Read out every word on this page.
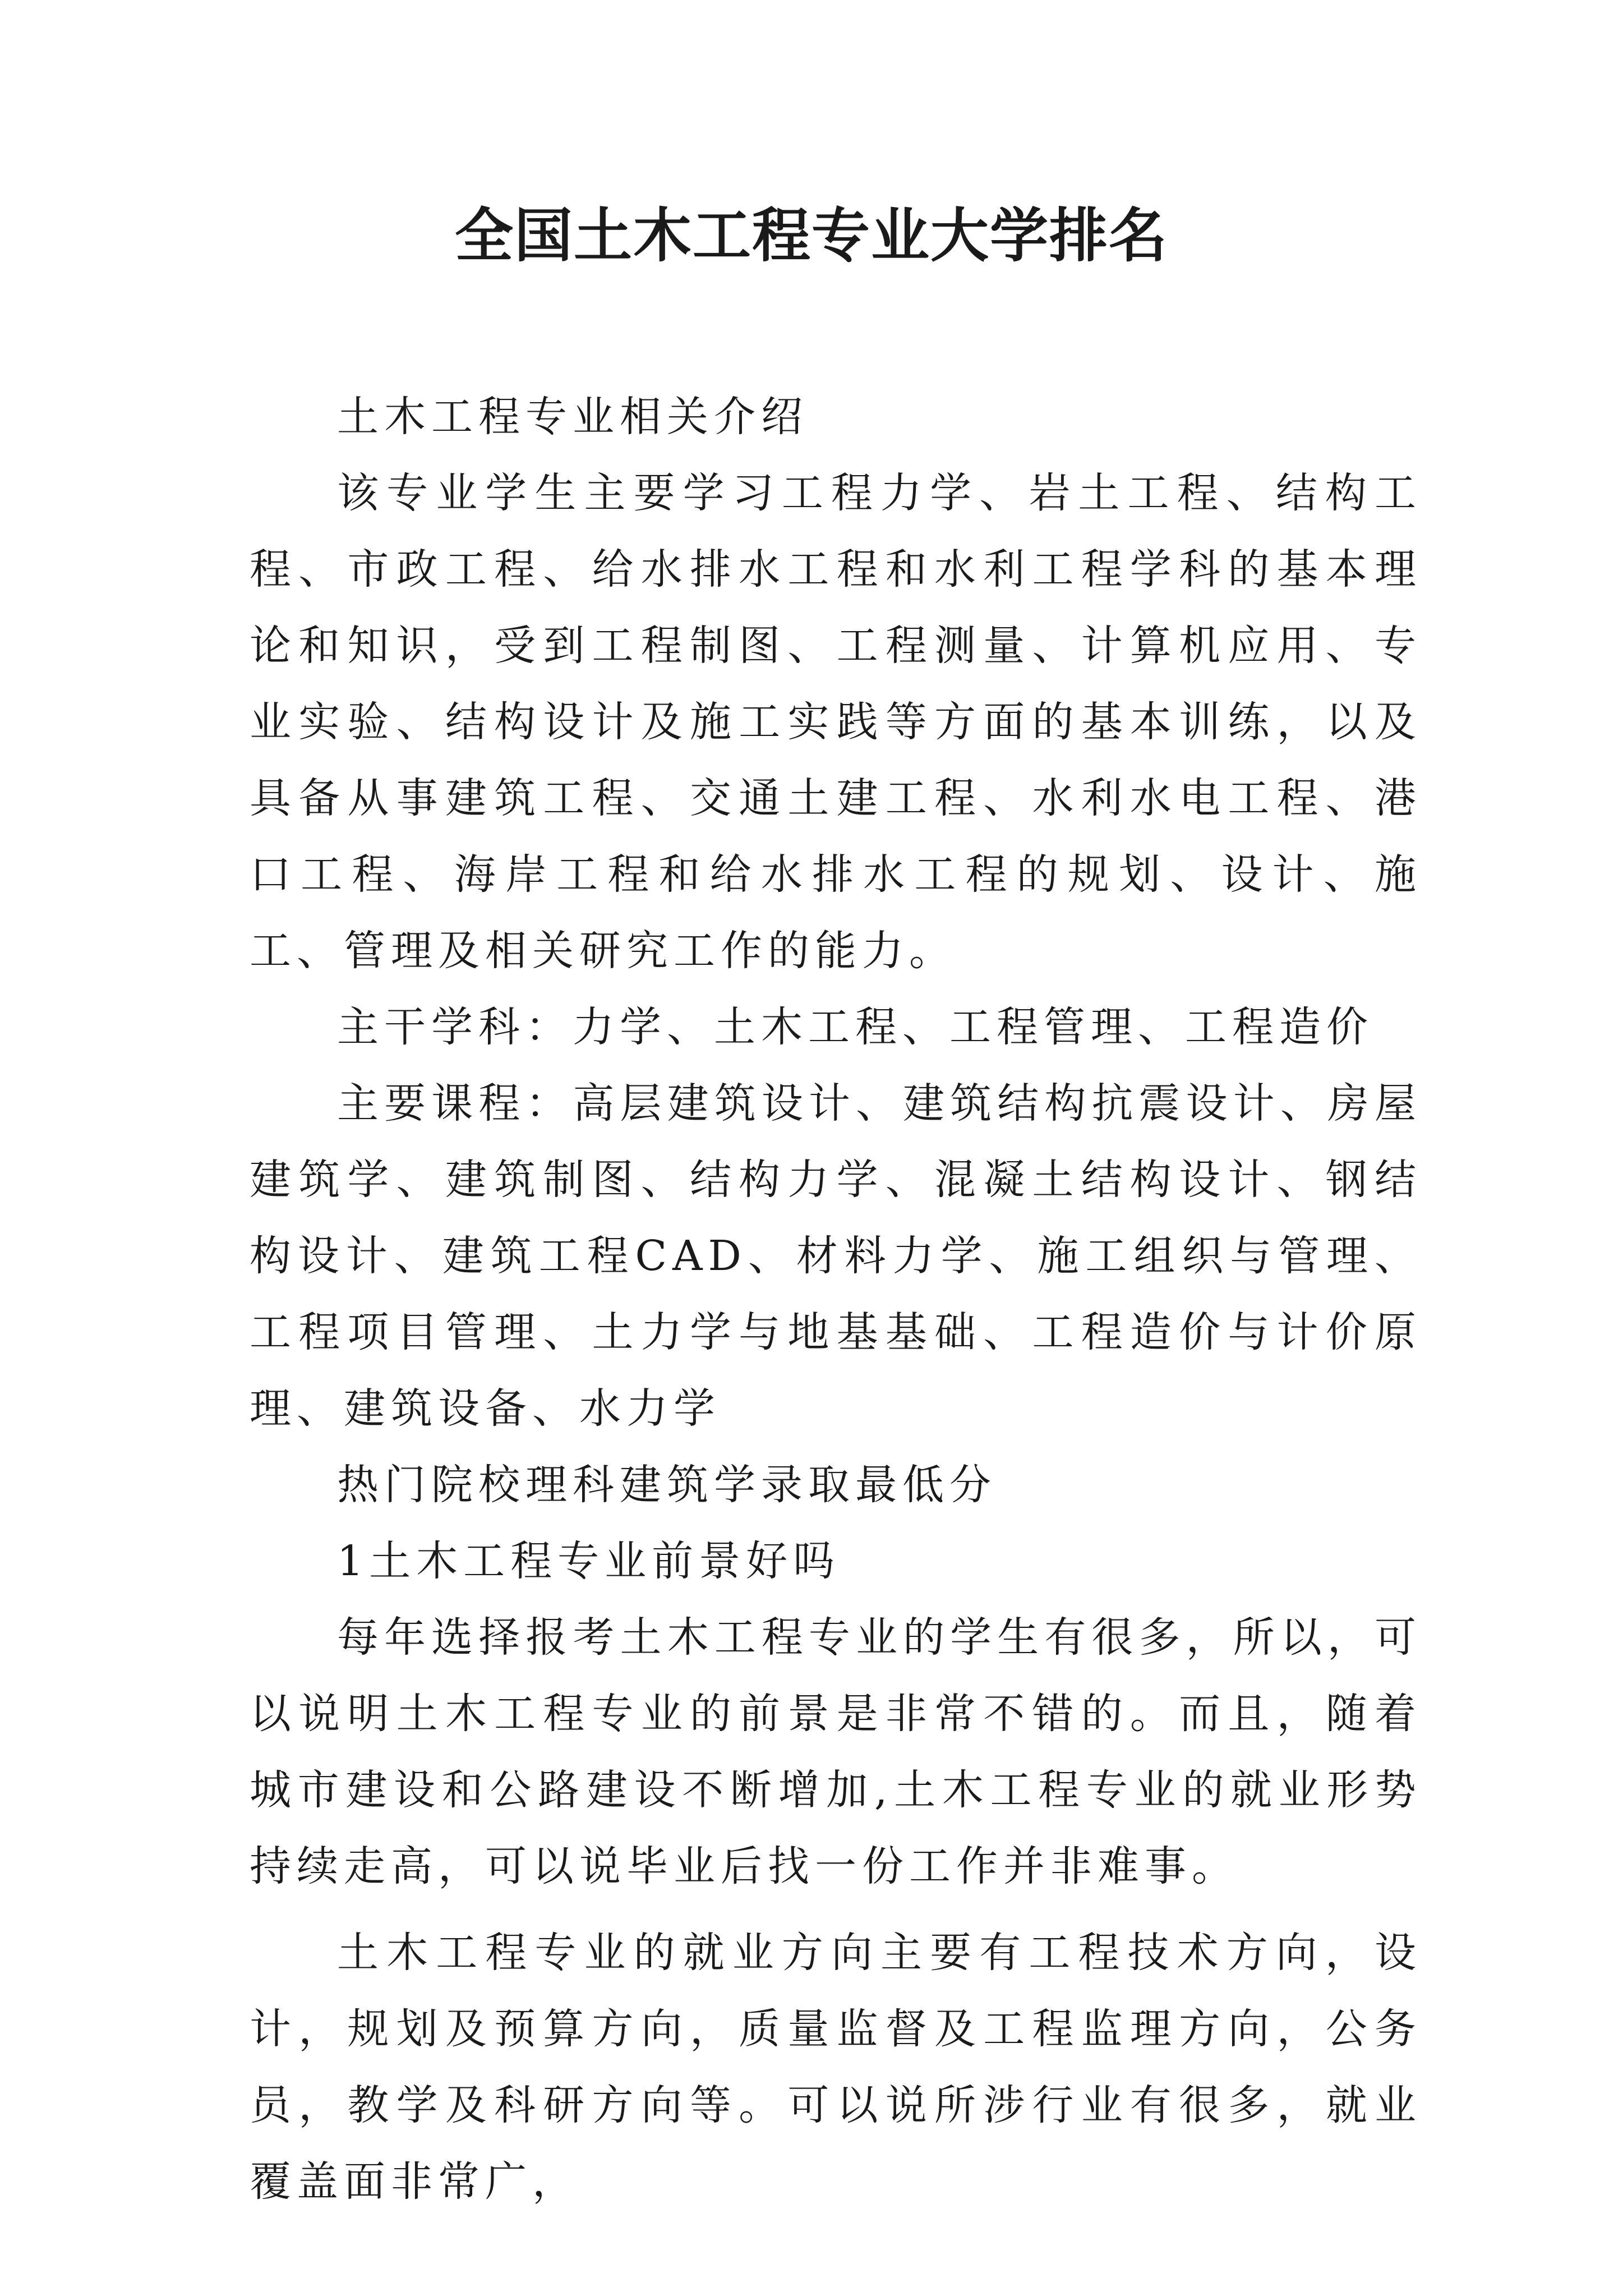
全国土木工程专业大学排名

土木工程专业相关介绍

该专业学生主要学习工程力学、岩土工程、结构工程、市政工程、给水排水工程和水利工程学科的基本理论和知识，受到工程制图、工程测量、计算机应用、专业实验、结构设计及施工实践等方面的基本训练，以及具备从事建筑工程、交通土建工程、水利水电工程、港口工程、海岸工程和给水排水工程的规划、设计、施工、管理及相关研究工作的能力。

主干学科：力学、土木工程、工程管理、工程造价

主要课程：高层建筑设计、建筑结构抗震设计、房屋建筑学、建筑制图、结构力学、混凝土结构设计、钢结构设计、建筑工程CAD、材料力学、施工组织与管理、工程项目管理、土力学与地基基础、工程造价与计价原理、建筑设备、水力学

热门院校理科建筑学录取最低分

1土木工程专业前景好吗

每年选择报考土木工程专业的学生有很多，所以，可以说明土木工程专业的前景是非常不错的。而且，随着城市建设和公路建设不断增加,土木工程专业的就业形势持续走高，可以说毕业后找一份工作并非难事。

土木工程专业的就业方向主要有工程技术方向，设计，规划及预算方向，质量监督及工程监理方向，公务员，教学及科研方向等。可以说所涉行业有很多，就业覆盖面非常广，
